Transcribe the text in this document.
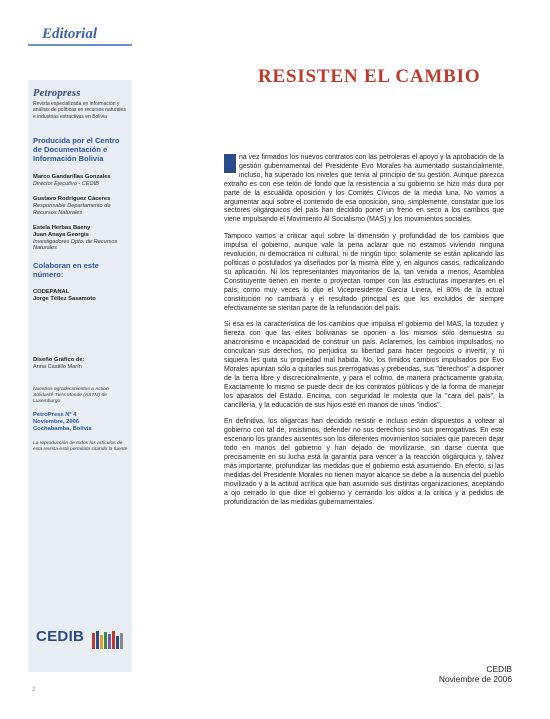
Editorial
Petropress
Revista especializada en información y análisis de políticas en recursos naturales e industrias extractivas en Bolivia
Producida por el Centro de Documentación e Información Bolivia
Marco Gandarillas Gonzales
Director Ejecutivo - CEDIB
Gustavo Rodríguez Cáceres
Responsable Departamento de Recursos Naturales
Estela Herbas Baeny
Juan Anaya Georgis
Investigadores Dpto. de Recursos Naturales
Colaboran en este número:
CODEPANAL
Jorge Téllez Sasamoto
Diseño Gráfico de:
Anna Castillo Marín
Nuestros agradecimientos a Action Solidarité Tiers Monde (ASTM) de Luxemburgo
PetroPress Nº 4
Noviembre, 2006
Cochabamba, Bolivia
La reproducción de todos los artículos de esta revista está permitida citando la fuente
CEDIB
RESISTEN EL CAMBIO

na vez firmados los nuevos contratos con las petroleras el apoyo y la aprobación de la gestión gubernamental del Presidente Evo Morales ha aumentado sustancialmente, incluso, ha superado los niveles que tenía al principio de su gestión. Aunque parezca extraño es con ese telón de fondo que la resistencia a su gobierno se hizo más dura por parte de la escuálida oposición y los Comités Cívicos de la media luna. No vamos a argumentar aquí sobre el contenido de esa oposición, sino, simplemente, constatar que los sectores oligárquicos del país han decidido poner un freno en seco a los cambios que viene impulsando el Movimiento Al Socialismo (MAS) y los movimientos sociales.

Tampoco vamos a criticar aquí sobre la dimensión y profundidad de los cambios que impulsa el gobierno, aunque vale la pena aclarar que no estamos viviendo ninguna revolución, ni democrática ni cultural, ni de ningún tipo; solamente se están aplicando las políticas o postulados ya diseñados por la misma élite y, en algunos casos, radicalizando su aplicación. Ni los representantes mayoritarios de la, tan venida a menos, Asamblea Constituyente tienen en mente o proyectan romper con las estructuras imperantes en el país; como muy veces lo dijo el Vicepresidente García Linera, el 80% de la actual constitución no cambiará y el resultado principal es que los excluidos de siempre efectivamente se sientan parte de la refundación del país.

Si esa es la característica de los cambios que impulsa el gobierno del MAS, la tozudez y fiereza con que las elites bolivianas se oponen a los mismos sólo demuestra su anacronismo e incapacidad de construir un país. Aclaremos, los cambios impulsados, no conculcan sus derechos, no perjudica su libertad para hacer negocios o invertir, y ni siquiera les quita su propiedad mal habida. No, los tímidos cambios impulsados por Evo Morales apuntan sólo a quitarles sus prerrogativas y prebendas, sus "derechos" a disponer de la tierra libre y discrecionalmente, y para el colmo, de manera prácticamente gratuita. Exactamente lo mismo se puede decir de los contratos públicos y de la forma de manejar los aparatos del Estado. Encima, con seguridad le molesta que la "cara del país", la cancillería, y la educación de sus hijos esté en manos de unos "indios".

En definitiva, los oligarcas han decidido resistir e incluso están dispuestos a voltear al gobierno con tal de, insistimos, defender no sus derechos sino sus prerrogativas. En este escenario los grandes ausentes son los diferentes movimientos sociales que parecen dejar todo en manos del gobierno y han dejado de movilizarse, sin darse cuenta que precisamente en su lucha está la garantía para vencer a la reacción oligárquica y, talvez más importante, profundizar las medidas que el gobierno está asumiendo. En efecto, si las medidas del Presidente Morales no tienen mayor alcance se debe a la ausencia del pueblo movilizado y a la actitud acrítica que han asumido sus distintas organizaciones, aceptando a ojo cerrado lo que dice el gobierno y cerrando los oídos a la crítica y a pedidos de profundización de las medidas gubernamentales.

CEDIB
Noviembre de 2006
2
